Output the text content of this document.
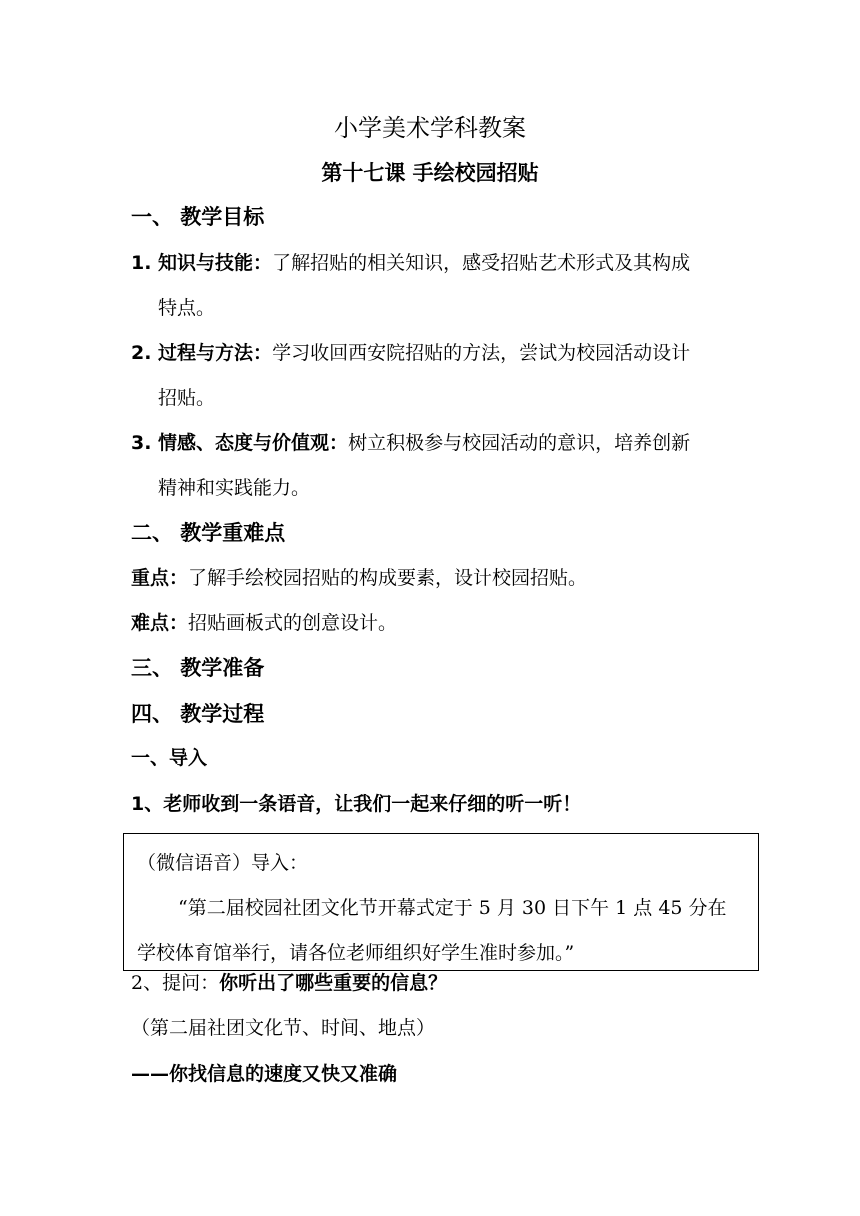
小学美术学科教案
第十七课 手绘校园招贴
一、 教学目标
1. 知识与技能：了解招贴的相关知识，感受招贴艺术形式及其构成
特点。
2. 过程与方法：学习收回西安院招贴的方法，尝试为校园活动设计
招贴。
3. 情感、态度与价值观：树立积极参与校园活动的意识，培养创新
精神和实践能力。
二、 教学重难点
重点：了解手绘校园招贴的构成要素，设计校园招贴。
难点：招贴画板式的创意设计。
三、 教学准备
四、 教学过程
一、导入
1、老师收到一条语音，让我们一起来仔细的听一听！
（微信语音）导入：
“第二届校园社团文化节开幕式定于 5 月 30 日下午 1 点 45 分在
学校体育馆举行，请各位老师组织好学生准时参加。”
2、提问：你听出了哪些重要的信息？
（第二届社团文化节、时间、地点）
——你找信息的速度又快又准确
